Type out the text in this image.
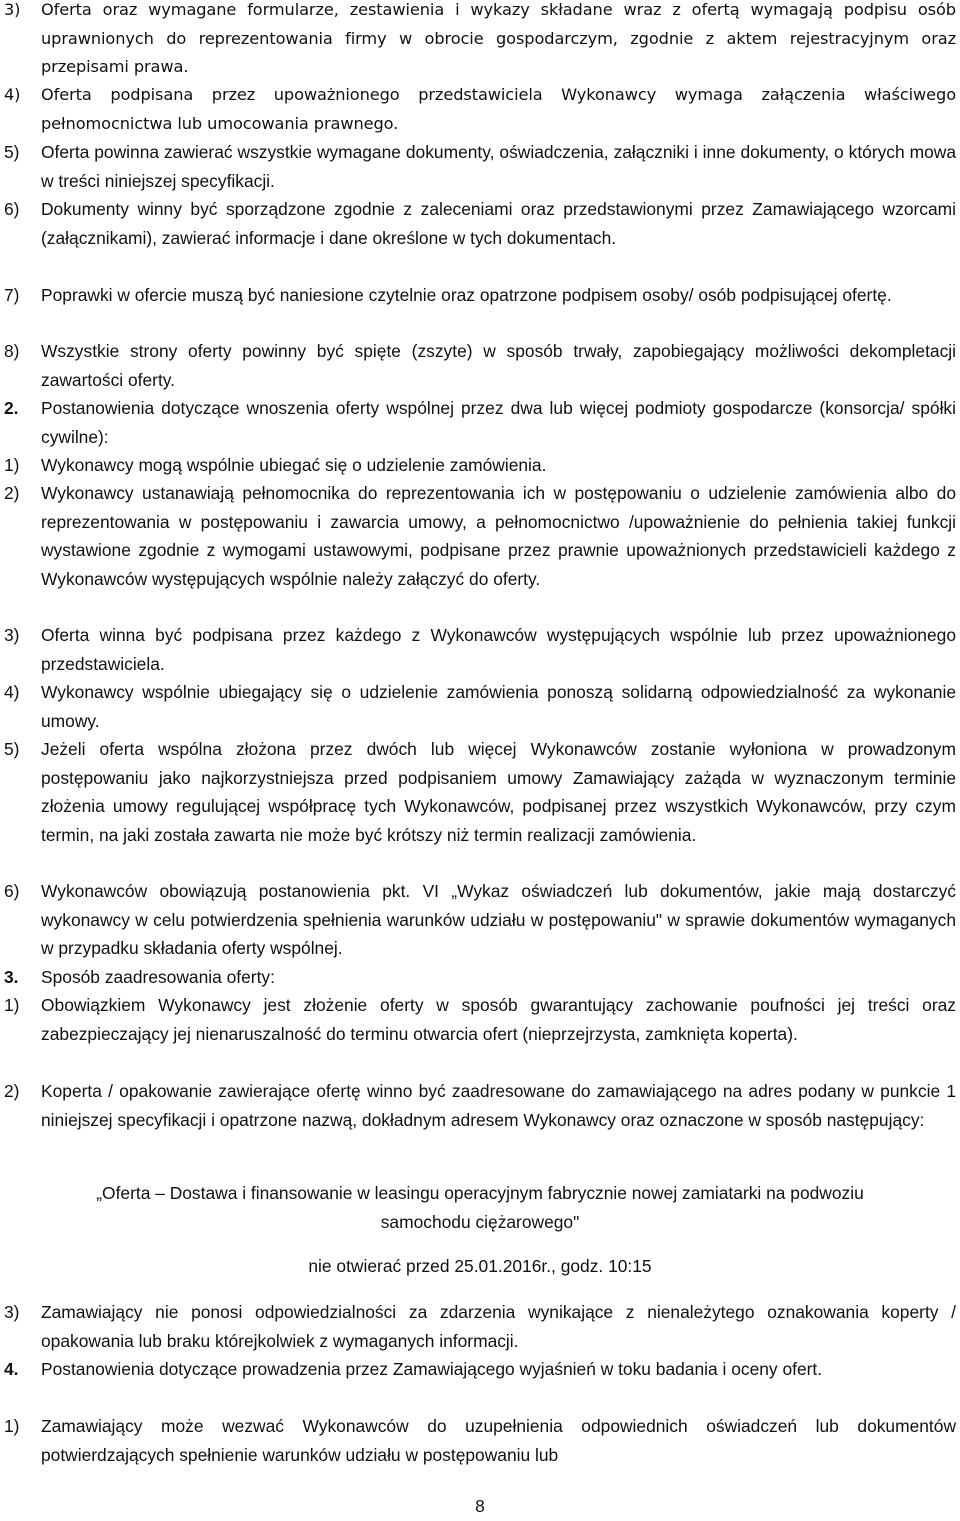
3) Oferta oraz wymagane formularze, zestawienia i wykazy składane wraz z ofertą wymagają podpisu osób uprawnionych do reprezentowania firmy w obrocie gospodarczym, zgodnie z aktem rejestracyjnym oraz przepisami prawa.
4) Oferta podpisana przez upoważnionego przedstawiciela Wykonawcy wymaga załączenia właściwego pełnomocnictwa lub umocowania prawnego.
5) Oferta powinna zawierać wszystkie wymagane dokumenty, oświadczenia, załączniki i inne dokumenty, o których mowa w treści niniejszej specyfikacji.
6) Dokumenty winny być sporządzone zgodnie z zaleceniami oraz przedstawionymi przez Zamawiającego wzorcami (załącznikami), zawierać informacje i dane określone w tych dokumentach.
7) Poprawki w ofercie muszą być naniesione czytelnie oraz opatrzone podpisem osoby/ osób podpisującej ofertę.
8) Wszystkie strony oferty powinny być spięte (zszyte) w sposób trwały, zapobiegający możliwości dekompletacji zawartości oferty.
2. Postanowienia dotyczące wnoszenia oferty wspólnej przez dwa lub więcej podmioty gospodarcze (konsorcja/ spółki cywilne):
1) Wykonawcy mogą wspólnie ubiegać się o udzielenie zamówienia.
2) Wykonawcy ustanawiają pełnomocnika do reprezentowania ich w postępowaniu o udzielenie zamówienia albo do reprezentowania w postępowaniu i zawarcia umowy, a pełnomocnictwo /upoważnienie do pełnienia takiej funkcji wystawione zgodnie z wymogami ustawowymi, podpisane przez prawnie upoważnionych przedstawicieli każdego z Wykonawców występujących wspólnie należy załączyć do oferty.
3) Oferta winna być podpisana przez każdego z Wykonawców występujących wspólnie lub przez upoważnionego przedstawiciela.
4) Wykonawcy wspólnie ubiegający się o udzielenie zamówienia ponoszą solidarną odpowiedzialność za wykonanie umowy.
5) Jeżeli oferta wspólna złożona przez dwóch lub więcej Wykonawców zostanie wyłoniona w prowadzonym postępowaniu jako najkorzystniejsza przed podpisaniem umowy Zamawiający zażąda w wyznaczonym terminie złożenia umowy regulującej współpracę tych Wykonawców, podpisanej przez wszystkich Wykonawców, przy czym termin, na jaki została zawarta nie może być krótszy niż termin realizacji zamówienia.
6) Wykonawców obowiązują postanowienia pkt. VI „Wykaz oświadczeń lub dokumentów, jakie mają dostarczyć wykonawcy w celu potwierdzenia spełnienia warunków udziału w postępowaniu" w sprawie dokumentów wymaganych w przypadku składania oferty wspólnej.
3. Sposób zaadresowania oferty:
1) Obowiązkiem Wykonawcy jest złożenie oferty w sposób gwarantujący zachowanie poufności jej treści oraz zabezpieczający jej nienaruszalność do terminu otwarcia ofert (nieprzejrzysta, zamknięta koperta).
2) Koperta / opakowanie zawierające ofertę winno być zaadresowane do zamawiającego na adres podany w punkcie 1 niniejszej specyfikacji i opatrzone nazwą, dokładnym adresem Wykonawcy oraz oznaczone w sposób następujący:
„Oferta – Dostawa i finansowanie w leasingu operacyjnym fabrycznie nowej zamiatarki na podwoziu
samochodu ciężarowego"
nie otwierać przed 25.01.2016r., godz. 10:15
3) Zamawiający nie ponosi odpowiedzialności za zdarzenia wynikające z nienależytego oznakowania koperty / opakowania lub braku którejkolwiek z wymaganych informacji.
4. Postanowienia dotyczące prowadzenia przez Zamawiającego wyjaśnień w toku badania i oceny ofert.
1) Zamawiający może wezwać Wykonawców do uzupełnienia odpowiednich oświadczeń lub dokumentów potwierdzających spełnienie warunków udziału w postępowaniu lub
8
